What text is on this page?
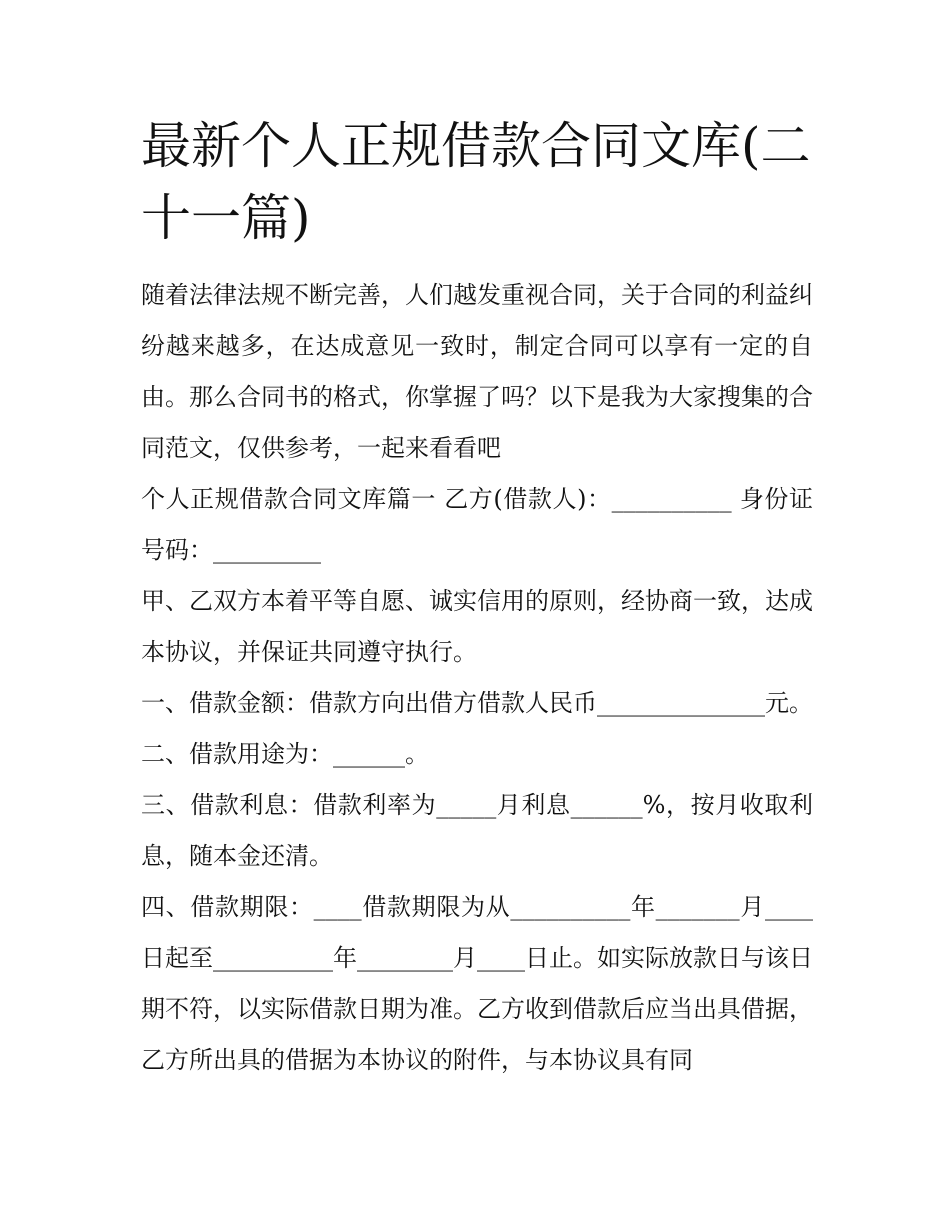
最新个人正规借款合同文库(二十一篇)

随着法律法规不断完善，人们越发重视合同，关于合同的利益纠纷越来越多，在达成意见一致时，制定合同可以享有一定的自由。那么合同书的格式，你掌握了吗？以下是我为大家搜集的合同范文，仅供参考，一起来看看吧

个人正规借款合同文库篇一 乙方(借款人)：__________ 身份证号码：_________

甲、乙双方本着平等自愿、诚实信用的原则，经协商一致，达成本协议，并保证共同遵守执行。

一、借款金额：借款方向出借方借款人民币______________元。 二、借款用途为：______。

三、借款利息：借款利率为_____月利息______%，按月收取利息，随本金还清。

四、借款期限：____借款期限为从__________年_______月____日起至__________年________月____日止。如实际放款日与该日期不符，以实际借款日期为准。乙方收到借款后应当出具借据，乙方所出具的借据为本协议的附件，与本协议具有同
